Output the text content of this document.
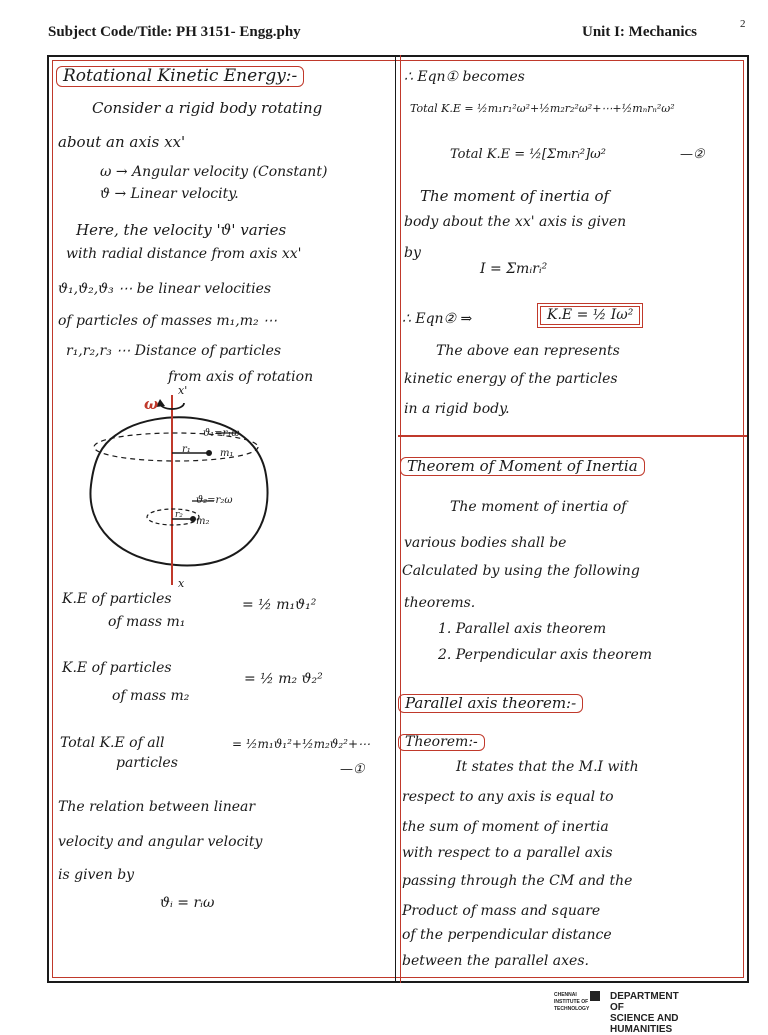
Subject Code/Title: PH 3151- Engg.phy	Unit I: Mechanics	2
Rotational Kinetic Energy:-
Consider a rigid body rotating
about an axis xx'
ω → Angular velocity (Constant)
ϑ → Linear velocity.
Here, the velocity 'ϑ' varies
with radial distance from axis xx'
ϑ₁,ϑ₂,ϑ₃ ⋯ be linear velocities
of particles of masses m₁,m₂ ⋯
r₁,r₂,r₃ ⋯ Distance of particles
from axis of rotation
ω
x'
x
ϑ₁=r₁ω
r₁	m₁
ϑ₂=r₂ω
r₂
m₂
K.E of particles
of mass m₁
= ½ m₁ϑ₁²
K.E of particles
of mass m₂
= ½ m₂ ϑ₂²
Total K.E of all
particles
= ½m₁ϑ₁²+½m₂ϑ₂²+⋯
—①
The relation between linear
velocity and angular velocity
is given by
ϑᵢ = rᵢω
∴ Eqn① becomes
Total K.E = ½m₁r₁²ω²+½m₂r₂²ω²+⋯+½mₙrₙ²ω²
Total K.E = ½[Σmᵢrᵢ²]ω²	—②
The moment of inertia of
body about the xx' axis is given
by
I = Σmᵢrᵢ²
∴ Eqn② ⇒	K.E = ½ Iω²
The above ean represents
kinetic energy of the particles
in a rigid body.
Theorem of Moment of Inertia
The moment of inertia of
various bodies shall be
Calculated by using the following
theorems.
1. Parallel axis theorem
2. Perpendicular axis theorem
Parallel axis theorem:-
Theorem:-
It states that the M.I with
respect to any axis is equal to
the sum of moment of inertia
with respect to a parallel axis
passing through the CM and the
Product of mass and square
of the perpendicular distance
between the parallel axes.
CHENNAI
INSTITUTE OF
TECHNOLOGY
DEPARTMENT OF
SCIENCE AND HUMANITIES
